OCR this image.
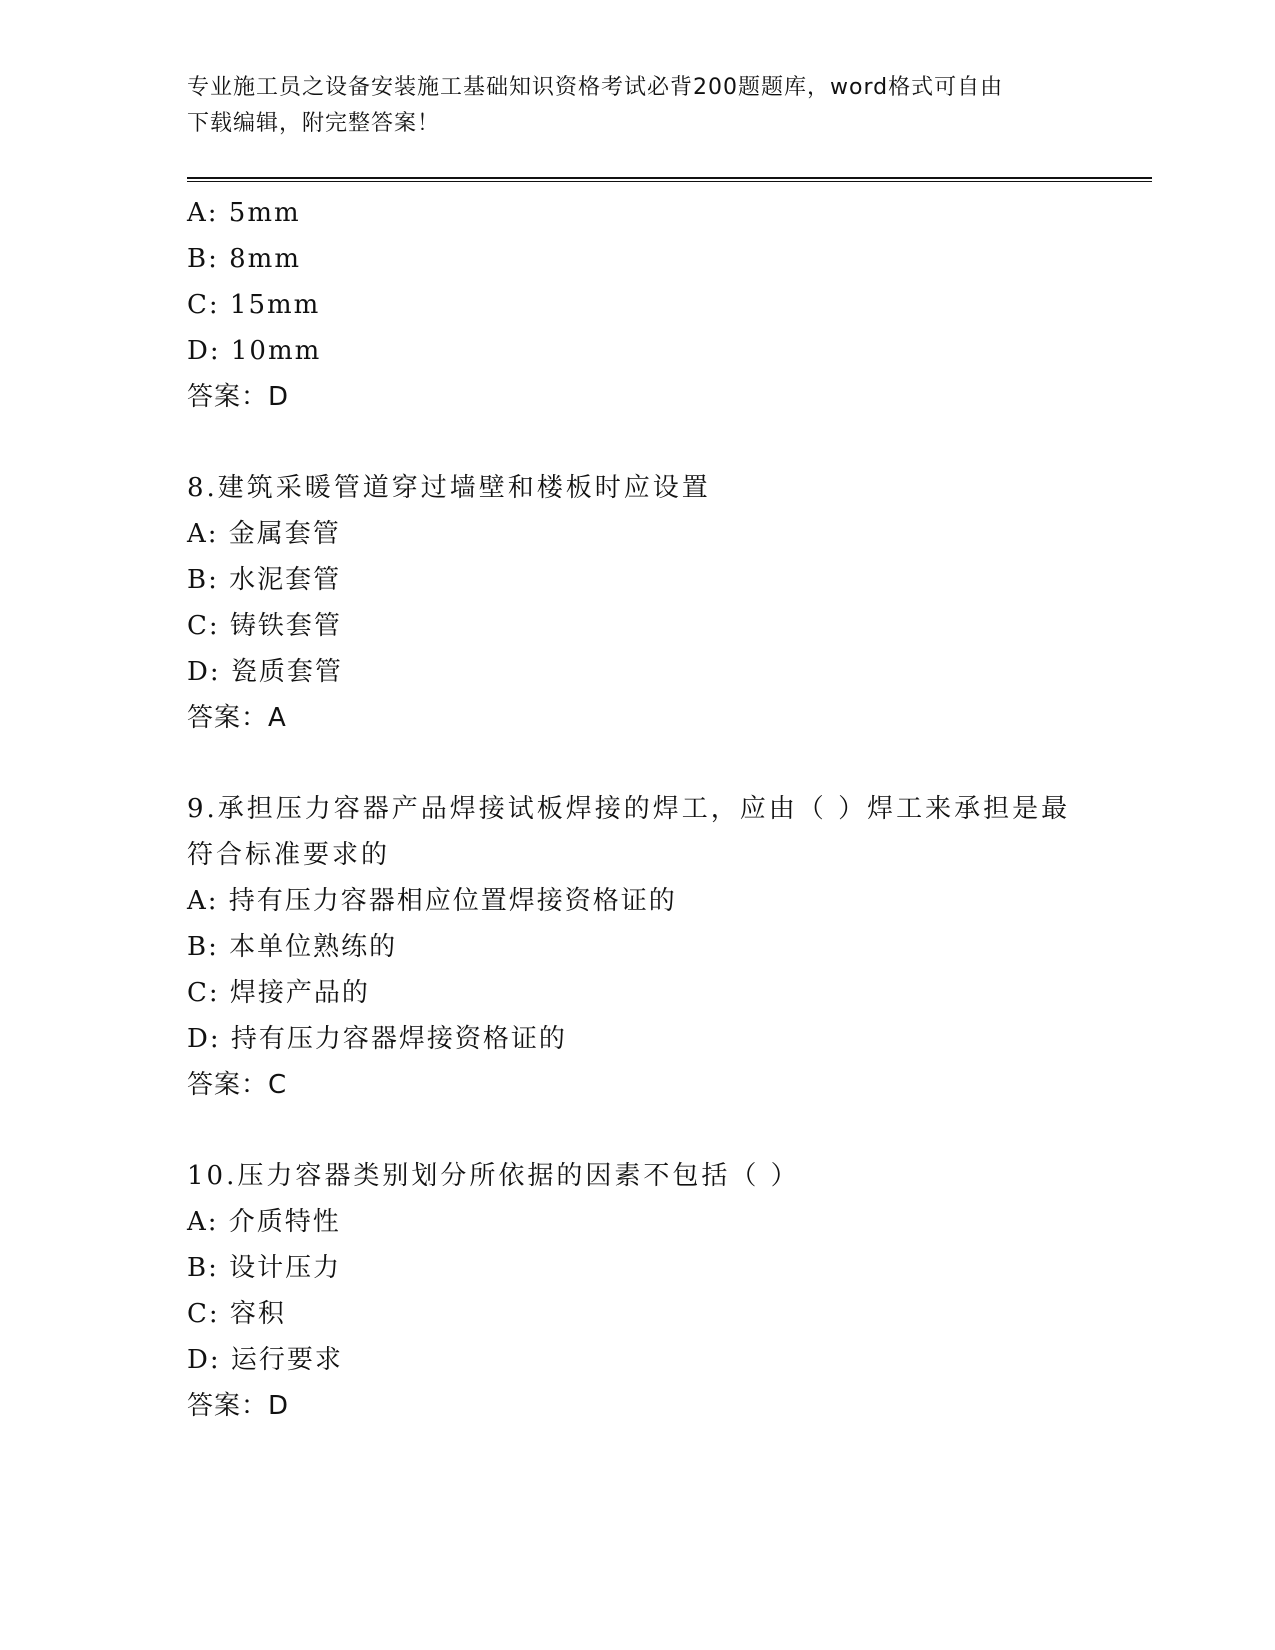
专业施工员之设备安装施工基础知识资格考试必背200题题库，word格式可自由
下载编辑，附完整答案！
A: 5mm
B: 8mm
C: 15mm
D: 10mm
答案：D
8.建筑采暖管道穿过墙壁和楼板时应设置
A: 金属套管
B: 水泥套管
C: 铸铁套管
D: 瓷质套管
答案：A
9.承担压力容器产品焊接试板焊接的焊工，应由（ ）焊工来承担是最
符合标准要求的
A: 持有压力容器相应位置焊接资格证的
B: 本单位熟练的
C: 焊接产品的
D: 持有压力容器焊接资格证的
答案：C
10.压力容器类别划分所依据的因素不包括（ ）
A: 介质特性
B: 设计压力
C: 容积
D: 运行要求
答案：D
